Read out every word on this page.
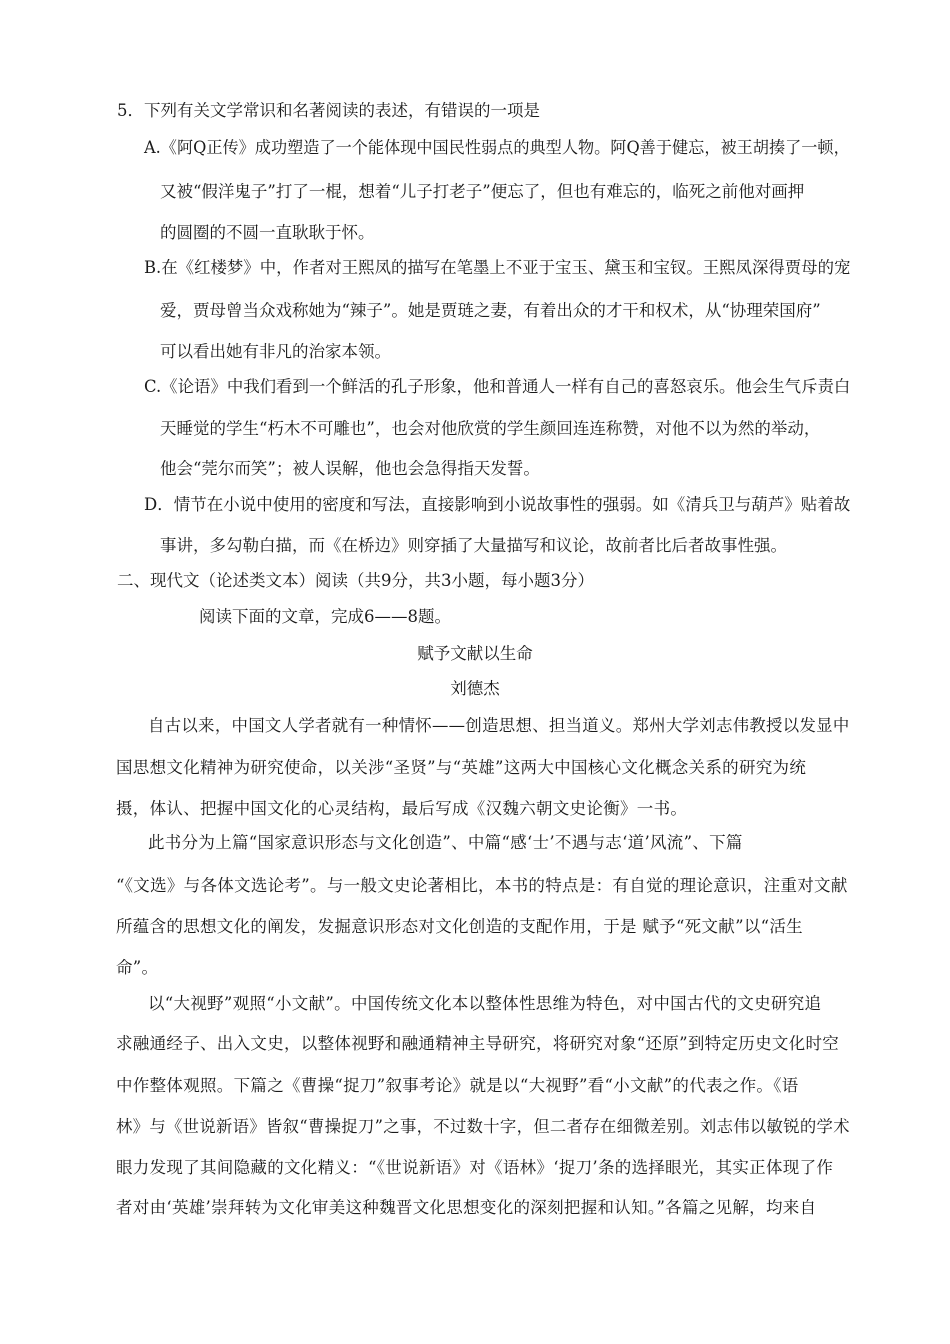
5．下列有关文学常识和名著阅读的表述，有错误的一项是
A.《阿Q正传》成功塑造了一个能体现中国民性弱点的典型人物。阿Q善于健忘，被王胡揍了一顿，
又被“假洋鬼子”打了一棍，想着“儿子打老子”便忘了，但也有难忘的，临死之前他对画押
的圆圈的不圆一直耿耿于怀。
B.在《红楼梦》中，作者对王熙凤的描写在笔墨上不亚于宝玉、黛玉和宝钗。王熙凤深得贾母的宠
爱，贾母曾当众戏称她为“辣子”。她是贾琏之妻，有着出众的才干和权术，从“协理荣国府”
可以看出她有非凡的治家本领。
C.《论语》中我们看到一个鲜活的孔子形象，他和普通人一样有自己的喜怒哀乐。他会生气斥责白
天睡觉的学生“朽木不可雕也”，也会对他欣赏的学生颜回连连称赞，对他不以为然的举动，
他会“莞尔而笑”；被人误解，他也会急得指天发誓。
D．情节在小说中使用的密度和写法，直接影响到小说故事性的强弱。如《清兵卫与葫芦》贴着故
事讲，多勾勒白描，而《在桥边》则穿插了大量描写和议论，故前者比后者故事性强。
二、现代文（论述类文本）阅读（共9分，共3小题，每小题3分）
阅读下面的文章，完成6——8题。
赋予文献以生命
刘德杰
自古以来，中国文人学者就有一种情怀——创造思想、担当道义。郑州大学刘志伟教授以发显中
国思想文化精神为研究使命，以关涉“圣贤”与“英雄”这两大中国核心文化概念关系的研究为统
摄，体认、把握中国文化的心灵结构，最后写成《汉魏六朝文史论衡》一书。
此书分为上篇“国家意识形态与文化创造”、中篇“感‘士’不遇与志‘道’风流”、下篇
“《文选》与各体文选论考”。与一般文史论著相比，本书的特点是：有自觉的理论意识，注重对文献
所蕴含的思想文化的阐发，发掘意识形态对文化创造的支配作用，于是 赋予“死文献”以“活生
命”。
以“大视野”观照“小文献”。中国传统文化本以整体性思维为特色，对中国古代的文史研究追
求融通经子、出入文史，以整体视野和融通精神主导研究，将研究对象“还原”到特定历史文化时空
中作整体观照。下篇之《曹操“捉刀”叙事考论》就是以“大视野”看“小文献”的代表之作。《语
林》与《世说新语》皆叙“曹操捉刀”之事，不过数十字，但二者存在细微差别。刘志伟以敏锐的学术
眼力发现了其间隐藏的文化精义：“《世说新语》对《语林》‘捉刀’条的选择眼光，其实正体现了作
者对由‘英雄’崇拜转为文化审美这种魏晋文化思想变化的深刻把握和认知。”各篇之见解，均来自
